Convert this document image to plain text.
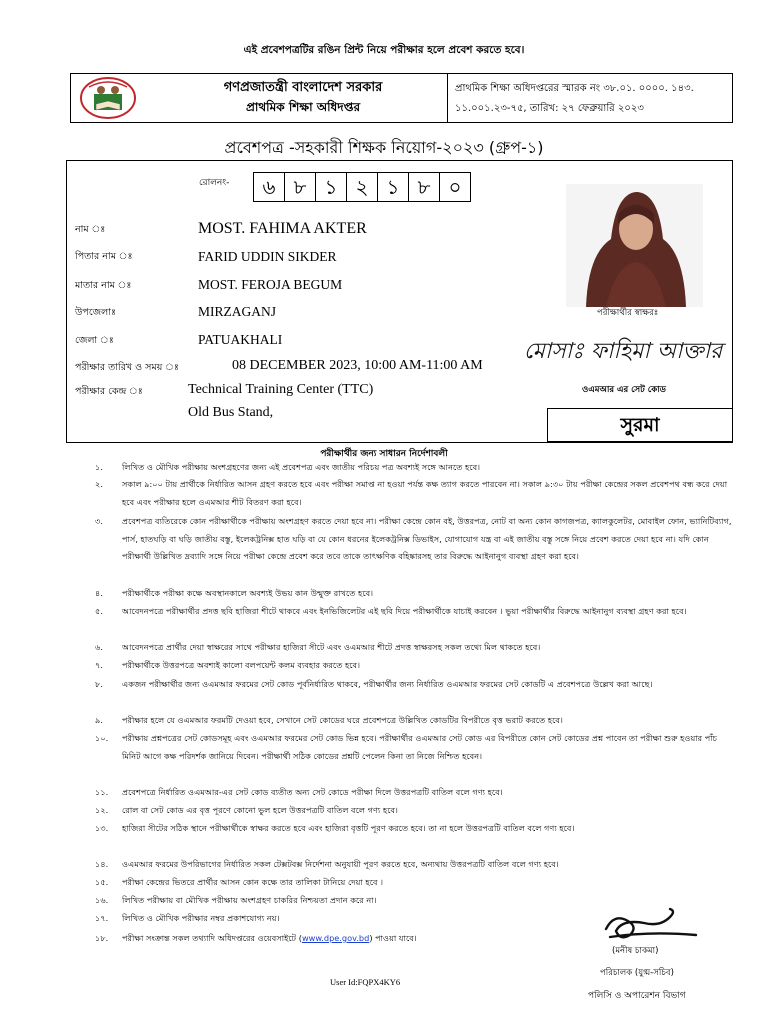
এই প্রবেশপত্রটির রঙিন প্রিন্ট নিয়ে পরীক্ষার হলে প্রবেশ করতে হবে।
গণপ্রজাতন্ত্রী বাংলাদেশ সরকার
প্রাথমিক শিক্ষা অধিদপ্তর
প্রাথমিক শিক্ষা অধিদপ্তরের স্মারক নং ৩৮.০১. ০০০০. ১৪৩.
১১.০০১.২৩-৭৫, তারিখ: ২৭ ফেব্রুয়ারি ২০২৩
প্রবেশপত্র -সহকারী শিক্ষক নিয়োগ-২০২৩ (গ্রুপ-১)
রোলনং-	৬ ৮ ১ ২ ১ ৮ ০
নাম ঃ	MOST. FAHIMA AKTER
পিতার নাম ঃ	FARID UDDIN SIKDER
মাতার নাম ঃ	MOST. FEROJA BEGUM
উপজেলাঃ	MIRZAGANJ
জেলা ঃ	PATUAKHALI
পরীক্ষার তারিখ ও সময় ঃ	08 DECEMBER 2023, 10:00 AM-11:00 AM
পরীক্ষার কেন্দ্র ঃ	Technical Training Center (TTC)
Old Bus Stand,
পরীক্ষার্থীর স্বাক্ষরঃ
মোসাঃ ফাহিমা আক্তার
ওএমআর এর সেট কোড
সুরমা
পরীক্ষার্থীর জন্য সাধারন নির্দেশাবলী
১. লিখিত ও মৌখিক পরীক্ষায় অংশগ্রহণের জন্য এই প্রবেশপত্র এবং জাতীয় পরিচয় পত্র অবশ্যই সঙ্গে আনতে হবে।
২. সকাল ৯:০০ টায় প্রার্থীকে নির্ধারিত আসন গ্রহণ করতে হবে এবং পরীক্ষা সমাপ্ত না হওয়া পর্যন্ত কক্ষ ত্যাগ করতে পারবেন না। সকাল ৯:৩০ টায় পরীক্ষা কেন্দ্রের সকল প্রবেশপথ বন্ধ করে দেয়া হবে এবং পরীক্ষার হলে ওএমআর শীট বিতরণ করা হবে।
৩. প্রবেশপত্র ব্যতিরেকে কোন পরীক্ষার্থীকে পরীক্ষায় অংশগ্রহণ করতে দেয়া হবে না। পরীক্ষা কেন্দ্রে কোন বই, উত্তরপত্র, নোট বা অন্য কোন কাগজপত্র, ক্যালকুলেটর, মোবাইল ফোন, ভ্যানিটিব্যাগ, পার্স, হাতঘড়ি বা ঘড়ি জাতীয় বস্তু, ইলেকট্রনিক্স হাত ঘড়ি বা যে কোন ধরনের ইলেকট্রনিক্স ডিভাইস, যোগাযোগ যন্ত্র বা এই জাতীয় বস্তু সঙ্গে নিয়ে প্রবেশ করতে দেয়া হবে না। যদি কোন পরীক্ষার্থী উল্লিখিত দ্রব্যাদি সঙ্গে নিয়ে পরীক্ষা কেন্দ্রে প্রবেশ করে তবে তাকে তাৎক্ষণিক বহিষ্কারসহ তার বিরুদ্ধে আইনানুগ ব্যবস্থা গ্রহণ করা হবে।
৪. পরীক্ষার্থীকে পরীক্ষা কক্ষে অবস্থানকালে অবশ্যই উভয় কান উন্মুক্ত রাখতে হবে।
৫. আবেদনপত্রে পরীক্ষার্থীর প্রদত্ত ছবি হাজিরা শীটে থাকবে এবং ইনভিজিলেটর এই ছবি দিয়ে পরীক্ষার্থীকে যাচাই করবেন । ভুয়া পরীক্ষার্থীর বিরুদ্ধে আইনানুগ ব্যবস্থা গ্রহণ করা হবে।
৬. আবেদনপত্রে প্রার্থীর দেয়া স্বাক্ষরের সাথে পরীক্ষার হাজিরা সীটে এবং ওএমআর শীটে প্রদত্ত স্বাক্ষরসহ সকল তথ্যে মিল থাকতে হবে।
৭. পরীক্ষার্থীকে উত্তরপত্রে অবশ্যই কালো বলপয়েন্ট কলম ব্যবহার করতে হবে।
৮. একজন পরীক্ষার্থীর জন্য ওএমআর ফরমের সেট কোড পূর্বনির্ধারিত থাকবে, পরীক্ষার্থীর জন্য নির্ধারিত ওএমআর ফরমের সেট কোডটি এ প্রবেশপত্রে উল্লেখ করা আছে।
৯. পরীক্ষার হলে যে ওএমআর ফরমটি দেওয়া হবে, সেখানে সেট কোডের ঘরে প্রবেশপত্রে উল্লিখিত কোডটির বিপরীতে বৃত্ত ভরাট করতে হবে।
১০. পরীক্ষায় প্রশ্নপত্রের সেট কোডসমূহ এবং ওএমআর ফরমের সেট কোড ভিন্ন হবে। পরীক্ষার্থীর ওএমআর সেট কোড এর বিপরীতে কোন সেট কোডের প্রশ্ন পাবেন তা পরীক্ষা শুরু হওয়ার পাঁচ মিনিট আগে কক্ষ পরিদর্শক জানিয়ে দিবেন। পরীক্ষার্থী সঠিক কোডের প্রশ্নটি পেলেন কিনা তা নিজে নিশ্চিত হবেন।
১১. প্রবেশপত্রে নির্ধারিত ওএমআর-এর সেট কোড ব্যতীত অন্য সেট কোডে পরীক্ষা দিলে উত্তরপত্রটি বাতিল বলে গণ্য হবে।
১২. রোল বা সেট কোড এর বৃত্ত পূরণে কোনো ভুল হলে উত্তরপত্রটি বাতিল বলে গণ্য হবে।
১৩. হাজিরা সীটের সঠিক স্থানে পরীক্ষার্থীকে স্বাক্ষর করতে হবে এবং হাজিরা বৃত্তটি পূরণ করতে হবে। তা না হলে উত্তরপত্রটি বাতিল বলে গণ্য হবে।
১৪. ওএমআর ফরমের উপরিভাগের নির্ধারিত সকল টেক্সটবক্স নির্দেশনা অনুযায়ী পূরণ করতে হবে, অন্যথায় উত্তরপত্রটি বাতিল বলে গণ্য হবে।
১৫. পরীক্ষা কেন্দ্রের ভিতরে প্রার্থীর আসন কোন কক্ষে তার তালিকা টানিয়ে দেয়া হবে ।
১৬. লিখিত পরীক্ষায় বা মৌখিক পরীক্ষায় অংশগ্রহণ চাকরির নিশ্চয়তা প্রদান করে না।
১৭. লিখিত ও মৌখিক পরীক্ষার নম্বর প্রকাশযোগ্য নয়।
১৮. পরীক্ষা সংক্রান্ত সকল তথ্যাদি অধিদপ্তরের ওয়েবসাইটে (www.dpe.gov.bd) পাওয়া যাবে।
(মনীষ চাকমা)
পরিচালক (যুগ্ম-সচিব)
পলিসি ও অপারেশন বিভাগ
User Id:FQPX4KY6
